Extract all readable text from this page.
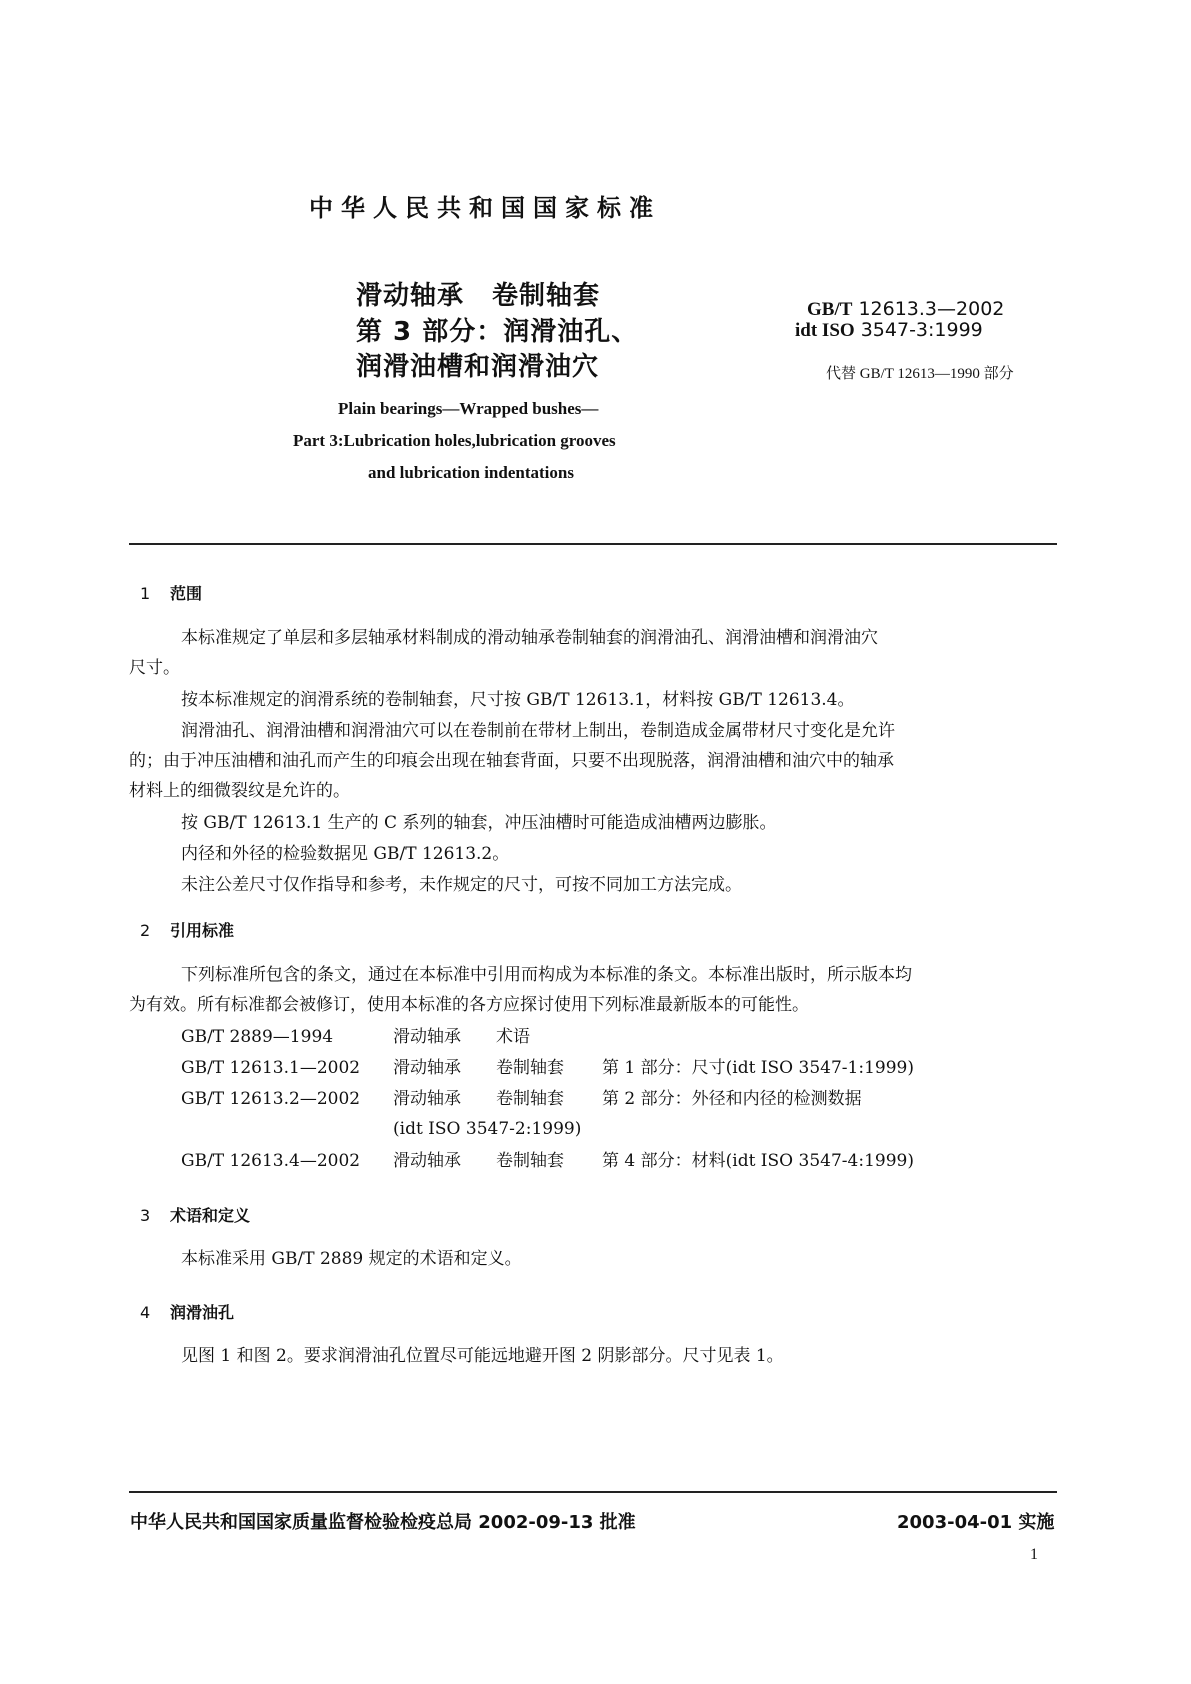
中华人民共和国国家标准
滑动轴承 卷制轴套
第 3 部分：润滑油孔、
润滑油槽和润滑油穴
GB/T 12613.3—2002
idt ISO 3547-3:1999
代替 GB/T 12613—1990 部分
Plain bearings—Wrapped bushes—
Part 3:Lubrication holes,lubrication grooves
and lubrication indentations
1 范围
本标准规定了单层和多层轴承材料制成的滑动轴承卷制轴套的润滑油孔、润滑油槽和润滑油穴
尺寸。
按本标准规定的润滑系统的卷制轴套，尺寸按 GB/T 12613.1，材料按 GB/T 12613.4。
润滑油孔、润滑油槽和润滑油穴可以在卷制前在带材上制出，卷制造成金属带材尺寸变化是允许
的；由于冲压油槽和油孔而产生的印痕会出现在轴套背面，只要不出现脱落，润滑油槽和油穴中的轴承
材料上的细微裂纹是允许的。
按 GB/T 12613.1 生产的 C 系列的轴套，冲压油槽时可能造成油槽两边膨胀。
内径和外径的检验数据见 GB/T 12613.2。
未注公差尺寸仅作指导和参考，未作规定的尺寸，可按不同加工方法完成。
2 引用标准
下列标准所包含的条文，通过在本标准中引用而构成为本标准的条文。本标准出版时，所示版本均
为有效。所有标准都会被修订，使用本标准的各方应探讨使用下列标准最新版本的可能性。
GB/T 2889—1994	滑动轴承 术语
GB/T 12613.1—2002 滑动轴承 卷制轴套 第 1 部分：尺寸(idt ISO 3547-1:1999)
GB/T 12613.2—2002 滑动轴承 卷制轴套 第 2 部分：外径和内径的检测数据
(idt ISO 3547-2:1999)
GB/T 12613.4—2002 滑动轴承 卷制轴套 第 4 部分：材料(idt ISO 3547-4:1999)
3 术语和定义
本标准采用 GB/T 2889 规定的术语和定义。
4 润滑油孔
见图 1 和图 2。要求润滑油孔位置尽可能远地避开图 2 阴影部分。尺寸见表 1。
中华人民共和国国家质量监督检验检疫总局 2002-09-13 批准	2003-04-01 实施
1
